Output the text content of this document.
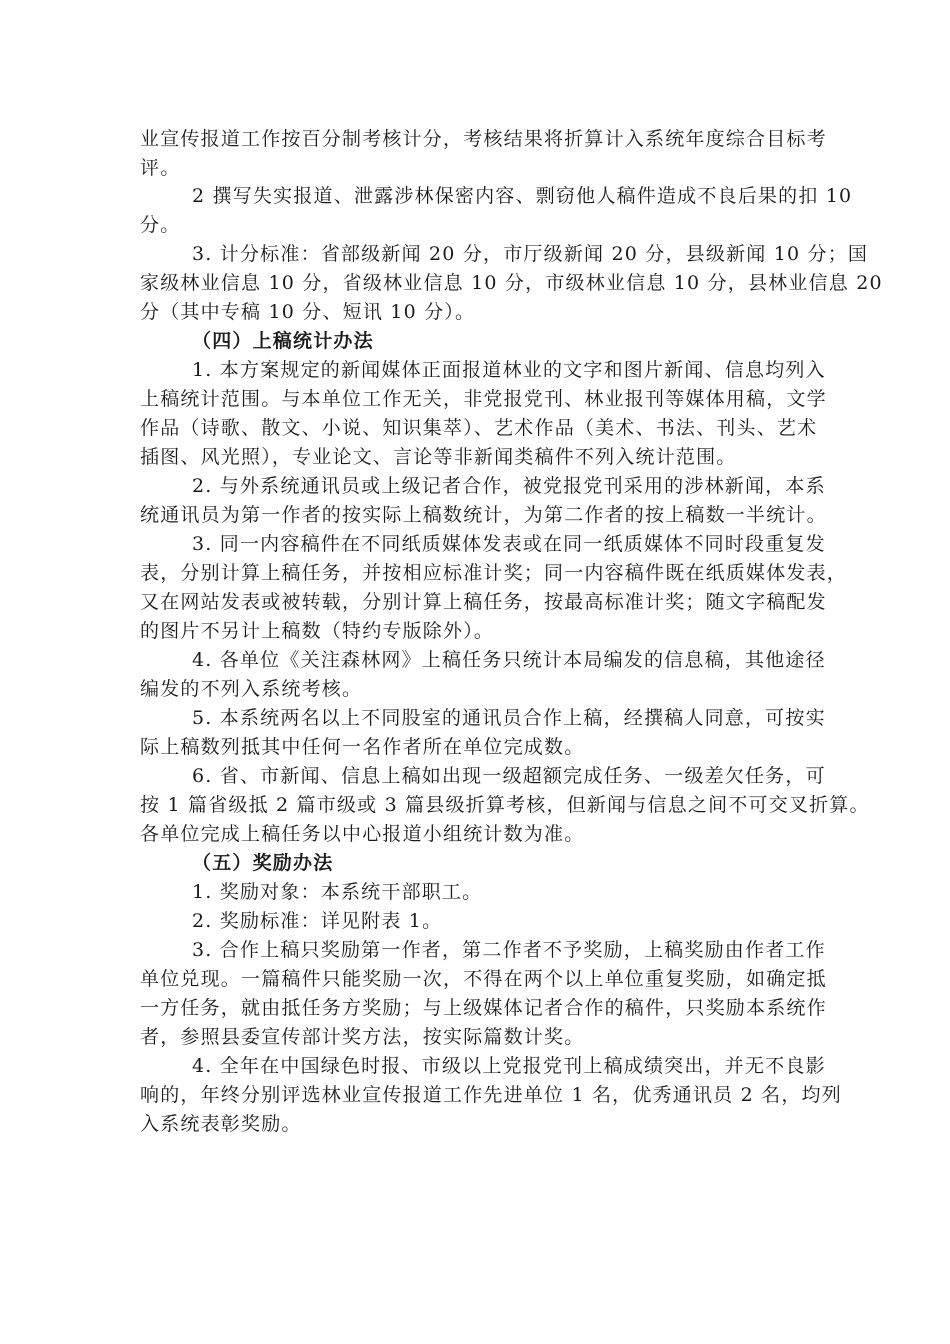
业宣传报道工作按百分制考核计分，考核结果将折算计入系统年度综合目标考
评。

2 撰写失实报道、泄露涉林保密内容、剽窃他人稿件造成不良后果的扣 10
分。

3. 计分标准：省部级新闻 20 分，市厅级新闻 20 分，县级新闻 10 分；国
家级林业信息 10 分，省级林业信息 10 分，市级林业信息 10 分，县林业信息 20
分（其中专稿 10 分、短讯 10 分）。

（四）上稿统计办法

1. 本方案规定的新闻媒体正面报道林业的文字和图片新闻、信息均列入
上稿统计范围。与本单位工作无关，非党报党刊、林业报刊等媒体用稿，文学
作品（诗歌、散文、小说、知识集萃）、艺术作品（美术、书法、刊头、艺术
插图、风光照），专业论文、言论等非新闻类稿件不列入统计范围。

2. 与外系统通讯员或上级记者合作，被党报党刊采用的涉林新闻，本系
统通讯员为第一作者的按实际上稿数统计，为第二作者的按上稿数一半统计。

3. 同一内容稿件在不同纸质媒体发表或在同一纸质媒体不同时段重复发
表，分别计算上稿任务，并按相应标准计奖；同一内容稿件既在纸质媒体发表，
又在网站发表或被转载，分别计算上稿任务，按最高标准计奖；随文字稿配发
的图片不另计上稿数（特约专版除外）。

4. 各单位《关注森林网》上稿任务只统计本局编发的信息稿，其他途径
编发的不列入系统考核。

5. 本系统两名以上不同股室的通讯员合作上稿，经撰稿人同意，可按实
际上稿数列抵其中任何一名作者所在单位完成数。

6. 省、市新闻、信息上稿如出现一级超额完成任务、一级差欠任务，可
按 1 篇省级抵 2 篇市级或 3 篇县级折算考核，但新闻与信息之间不可交叉折算。
各单位完成上稿任务以中心报道小组统计数为准。

（五）奖励办法

1. 奖励对象：本系统干部职工。

2. 奖励标准：详见附表 1。

3. 合作上稿只奖励第一作者，第二作者不予奖励，上稿奖励由作者工作
单位兑现。一篇稿件只能奖励一次，不得在两个以上单位重复奖励，如确定抵
一方任务，就由抵任务方奖励；与上级媒体记者合作的稿件，只奖励本系统作
者，参照县委宣传部计奖方法，按实际篇数计奖。

4. 全年在中国绿色时报、市级以上党报党刊上稿成绩突出，并无不良影
响的，年终分别评选林业宣传报道工作先进单位 1 名，优秀通讯员 2 名，均列
入系统表彰奖励。
